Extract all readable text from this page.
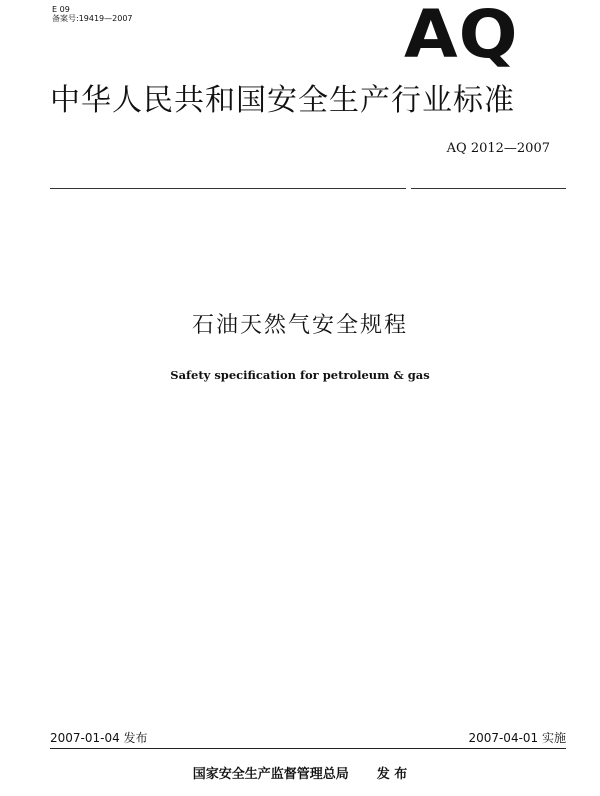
E 09
备案号:19419—2007	AQ
中华人民共和国安全生产行业标准
AQ 2012—2007
石油天然气安全规程
Safety specification for petroleum & gas
2007-01-04 发布	2007-04-01 实施
国家安全生产监督管理总局 发 布
